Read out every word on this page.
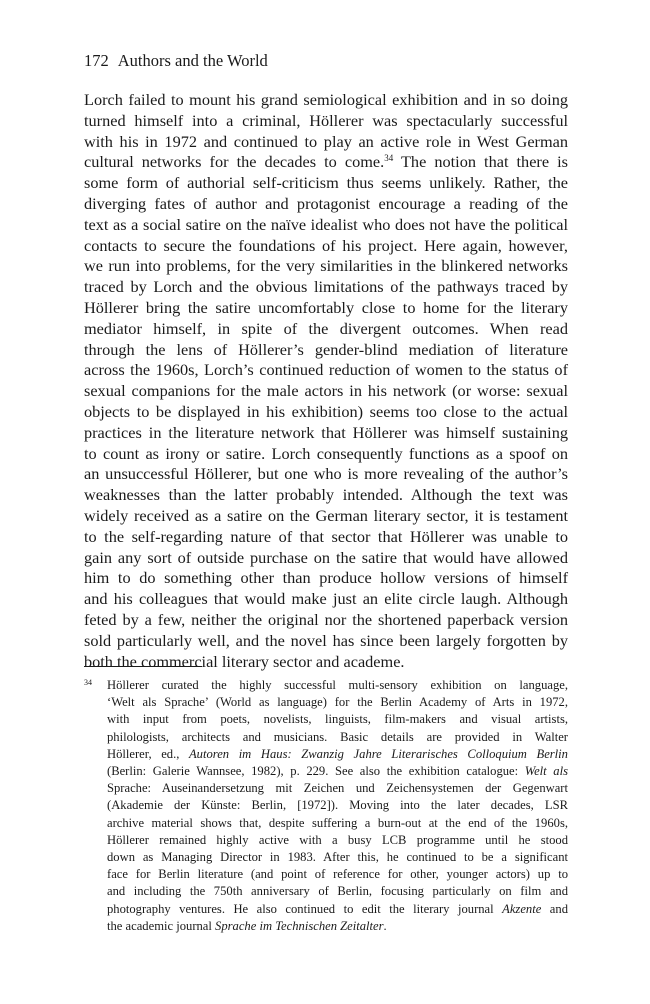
172 Authors and the World
Lorch failed to mount his grand semiological exhibition and in so doing
turned himself into a criminal, Höllerer was spectacularly successful
with his in 1972 and continued to play an active role in West German
cultural networks for the decades to come.$^{34}$ The notion that there is
some form of authorial self-criticism thus seems unlikely. Rather, the
diverging fates of author and protagonist encourage a reading of the
text as a social satire on the naïve idealist who does not have the political
contacts to secure the foundations of his project. Here again, however,
we run into problems, for the very similarities in the blinkered networks
traced by Lorch and the obvious limitations of the pathways traced by
Höllerer bring the satire uncomfortably close to home for the literary
mediator himself, in spite of the divergent outcomes. When read
through the lens of Höllerer’s gender-blind mediation of literature
across the 1960s, Lorch’s continued reduction of women to the status of
sexual companions for the male actors in his network (or worse: sexual
objects to be displayed in his exhibition) seems too close to the actual
practices in the literature network that Höllerer was himself sustaining
to count as irony or satire. Lorch consequently functions as a spoof on
an unsuccessful Höllerer, but one who is more revealing of the author’s
weaknesses than the latter probably intended. Although the text was
widely received as a satire on the German literary sector, it is testament
to the self-regarding nature of that sector that Höllerer was unable to
gain any sort of outside purchase on the satire that would have allowed
him to do something other than produce hollow versions of himself
and his colleagues that would make just an elite circle laugh. Although
feted by a few, neither the original nor the shortened paperback version
sold particularly well, and the novel has since been largely forgotten by
both the commercial literary sector and academe.
34 Höllerer curated the highly successful multi-sensory exhibition on language,
‘Welt als Sprache’ (World as language) for the Berlin Academy of Arts in 1972,
with input from poets, novelists, linguists, film-makers and visual artists,
philologists, architects and musicians. Basic details are provided in Walter
Höllerer, ed., Autoren im Haus: Zwanzig Jahre Literarisches Colloquium Berlin
(Berlin: Galerie Wannsee, 1982), p. 229. See also the exhibition catalogue: Welt als
Sprache: Auseinandersetzung mit Zeichen und Zeichensystemen der Gegenwart
(Akademie der Künste: Berlin, [1972]). Moving into the later decades, LSR
archive material shows that, despite suffering a burn-out at the end of the 1960s,
Höllerer remained highly active with a busy LCB programme until he stood
down as Managing Director in 1983. After this, he continued to be a significant
face for Berlin literature (and point of reference for other, younger actors) up to
and including the 750th anniversary of Berlin, focusing particularly on film and
photography ventures. He also continued to edit the literary journal Akzente and
the academic journal Sprache im Technischen Zeitalter.
